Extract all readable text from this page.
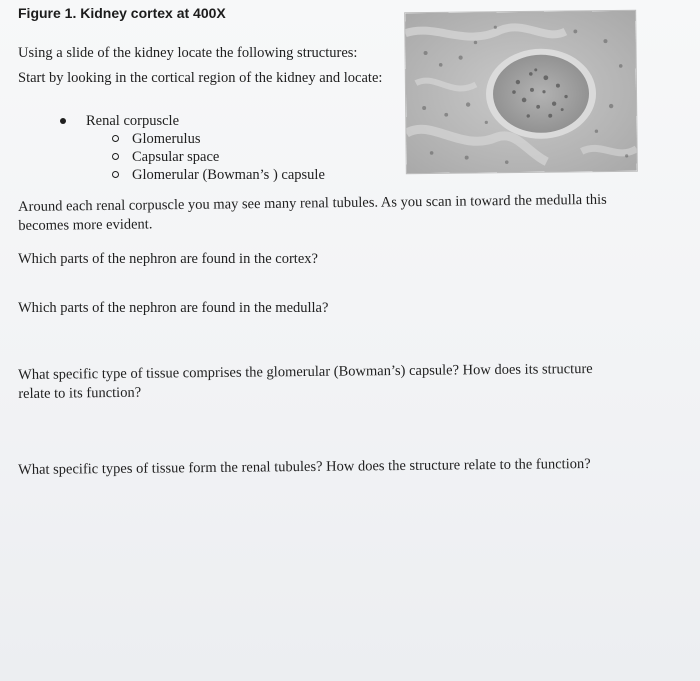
Figure 1. Kidney cortex at 400X

Using a slide of the kidney locate the following structures:

Start by looking in the cortical region of the kidney and locate:

Renal corpuscle
Glomerulus
Capsular space
Glomerular (Bowman’s ) capsule

Around each renal corpuscle you may see many renal tubules. As you scan in toward the medulla this becomes more evident.

Which parts of the nephron are found in the cortex?

Which parts of the nephron are found in the medulla?

What specific type of tissue comprises the glomerular (Bowman’s) capsule? How does its structure relate to its function?

What specific types of tissue form the renal tubules? How does the structure relate to the function?
